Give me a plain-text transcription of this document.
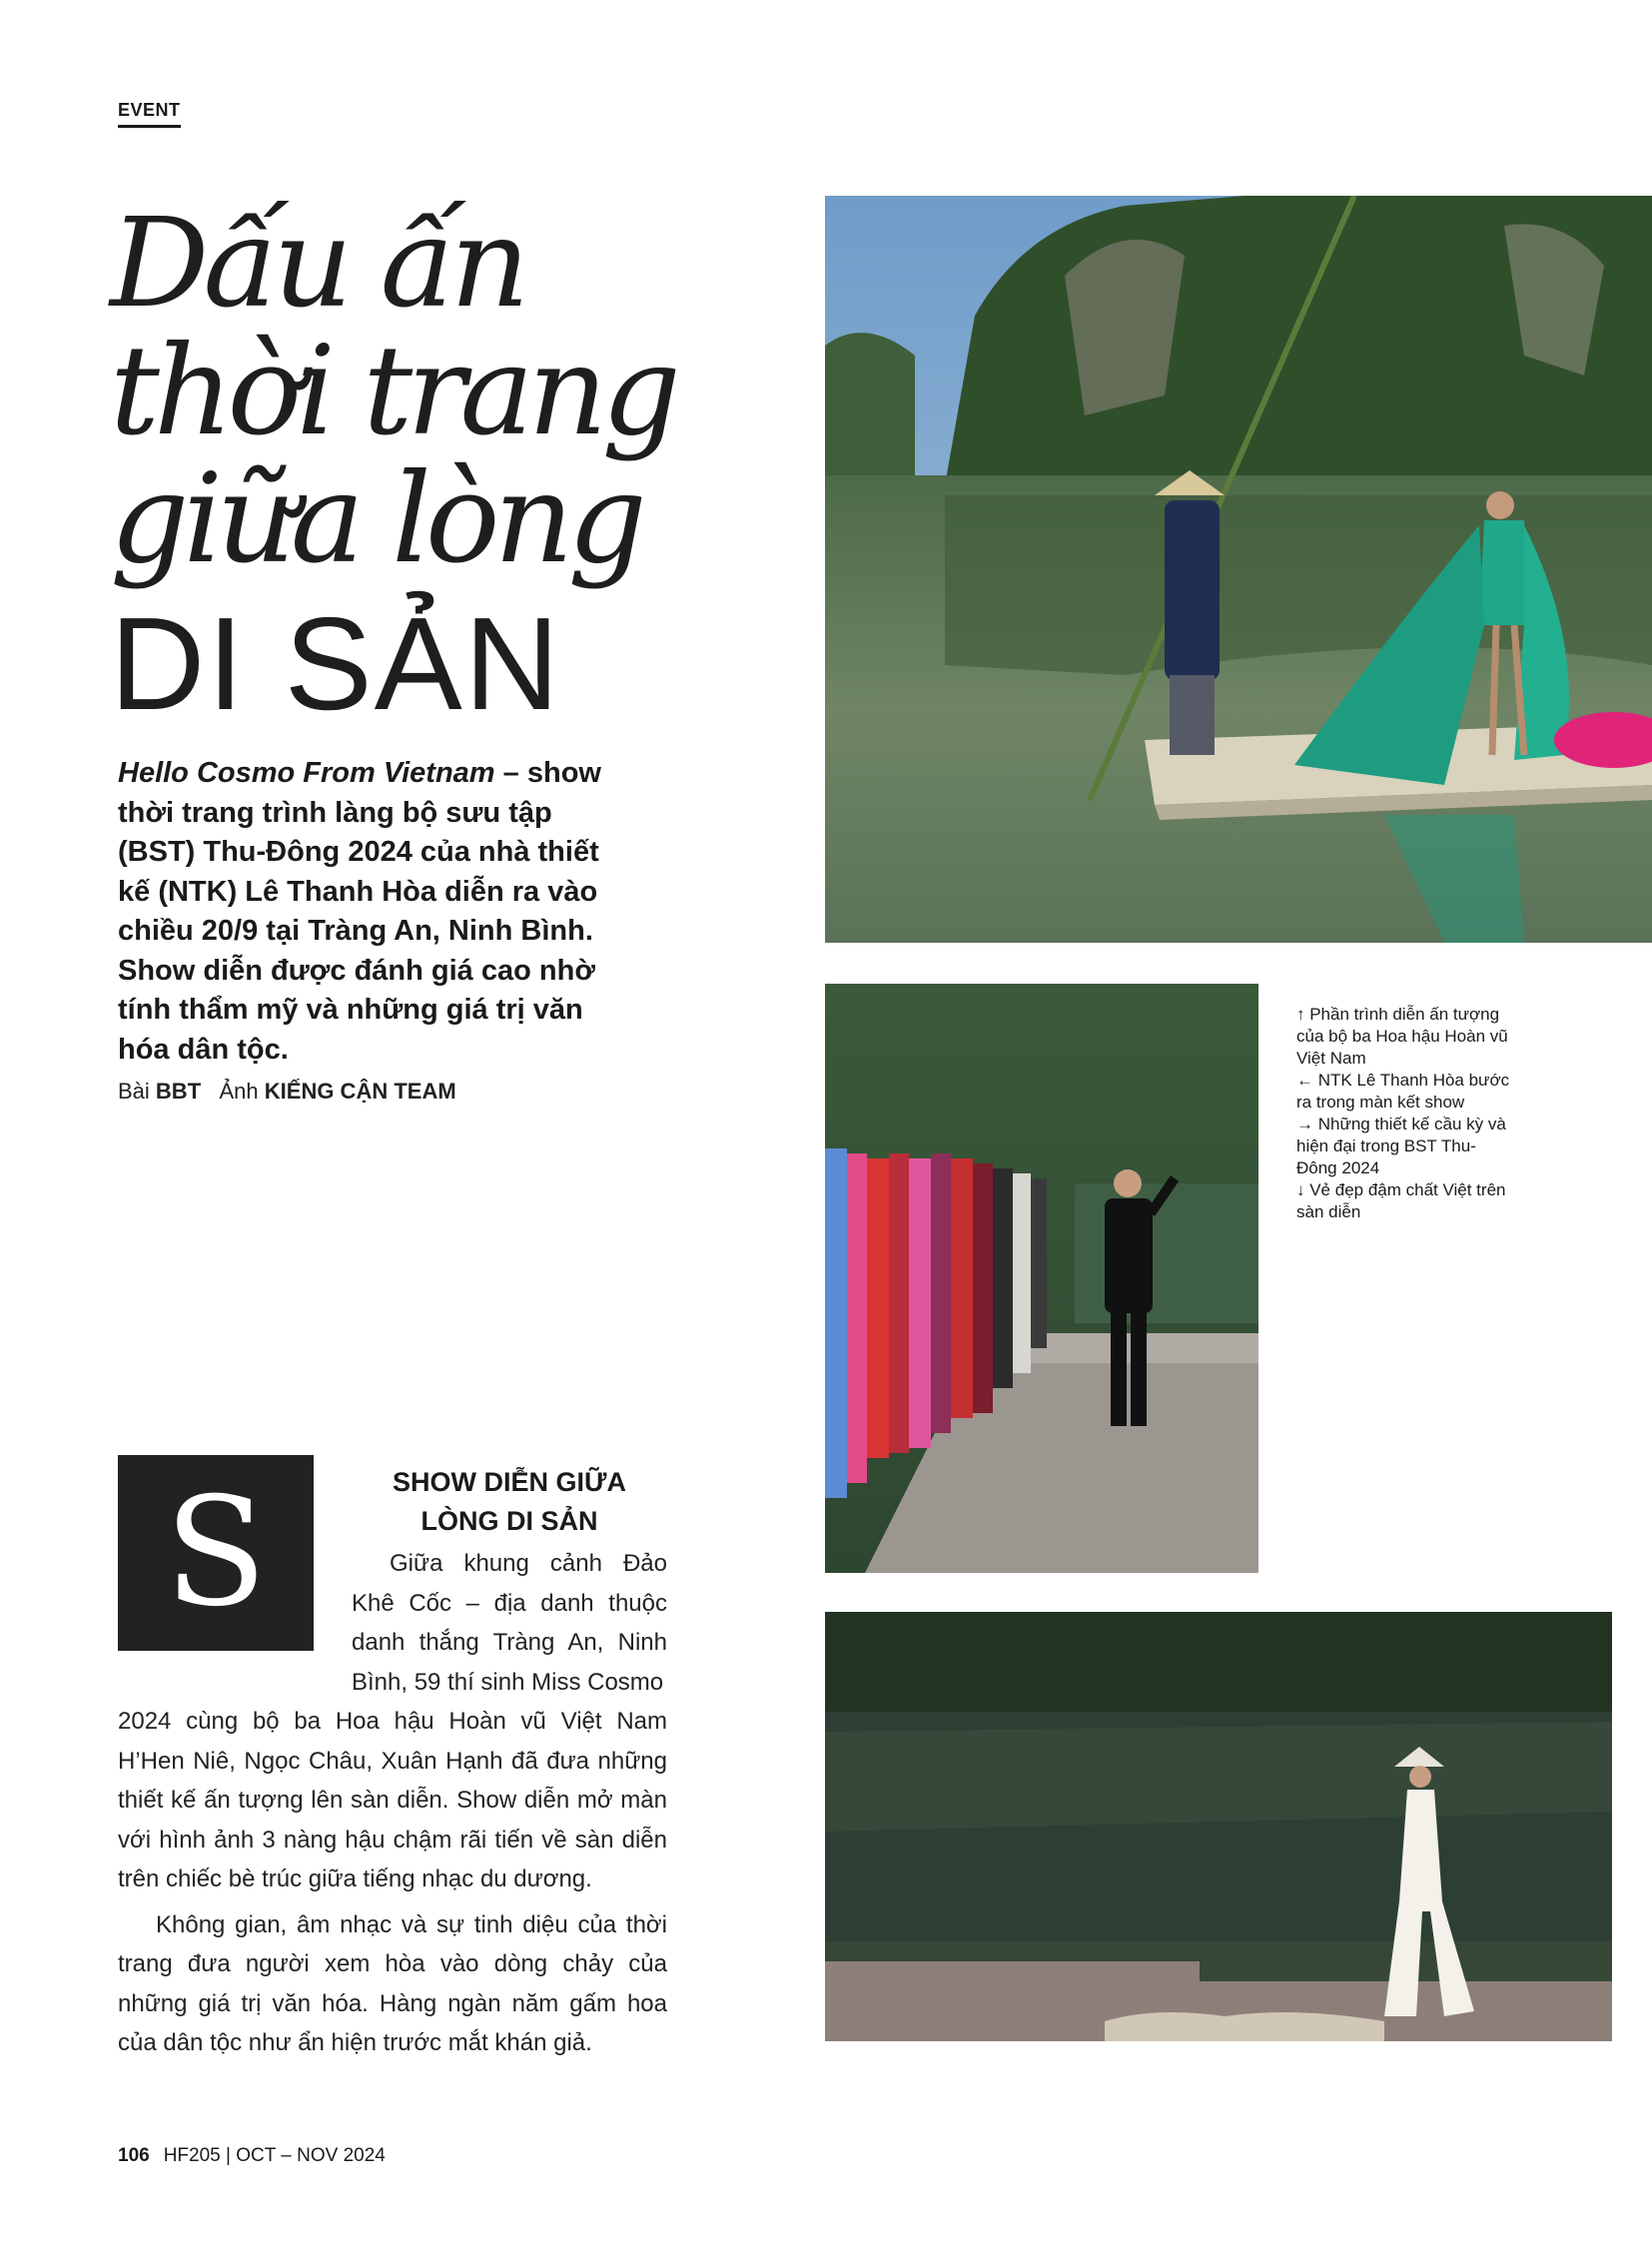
EVENT
Dấu ấn
thời trang
giữa lòng
DI SẢN
Hello Cosmo From Vietnam – show thời trang trình làng bộ sưu tập (BST) Thu-Đông 2024 của nhà thiết kế (NTK) Lê Thanh Hòa diễn ra vào chiều 20/9 tại Tràng An, Ninh Bình. Show diễn được đánh giá cao nhờ tính thẩm mỹ và những giá trị văn hóa dân tộc.
Bài BBT Ảnh KIẾNG CẬN TEAM
S	SHOW DIỄN GIỮA
LÒNG DI SẢN
Giữa khung cảnh Đảo Khê Cốc – địa danh thuộc danh thắng Tràng An, Ninh Bình, 59 thí sinh Miss Cosmo
2024 cùng bộ ba Hoa hậu Hoàn vũ Việt Nam H’Hen Niê, Ngọc Châu, Xuân Hạnh đã đưa những thiết kế ấn tượng lên sàn diễn. Show diễn mở màn với hình ảnh 3 nàng hậu chậm rãi tiến về sàn diễn trên chiếc bè trúc giữa tiếng nhạc du dương.
Không gian, âm nhạc và sự tinh diệu của thời trang đưa người xem hòa vào dòng chảy của những giá trị văn hóa. Hàng ngàn năm gấm hoa của dân tộc như ẩn hiện trước mắt khán giả.
↑ Phần trình diễn ấn tượng của bộ ba Hoa hậu Hoàn vũ Việt Nam
← NTK Lê Thanh Hòa bước ra trong màn kết show
→ Những thiết kế cầu kỳ và hiện đại trong BST Thu-Đông 2024
↓ Vẻ đẹp đậm chất Việt trên sàn diễn
106 HF205 | OCT – NOV 2024
